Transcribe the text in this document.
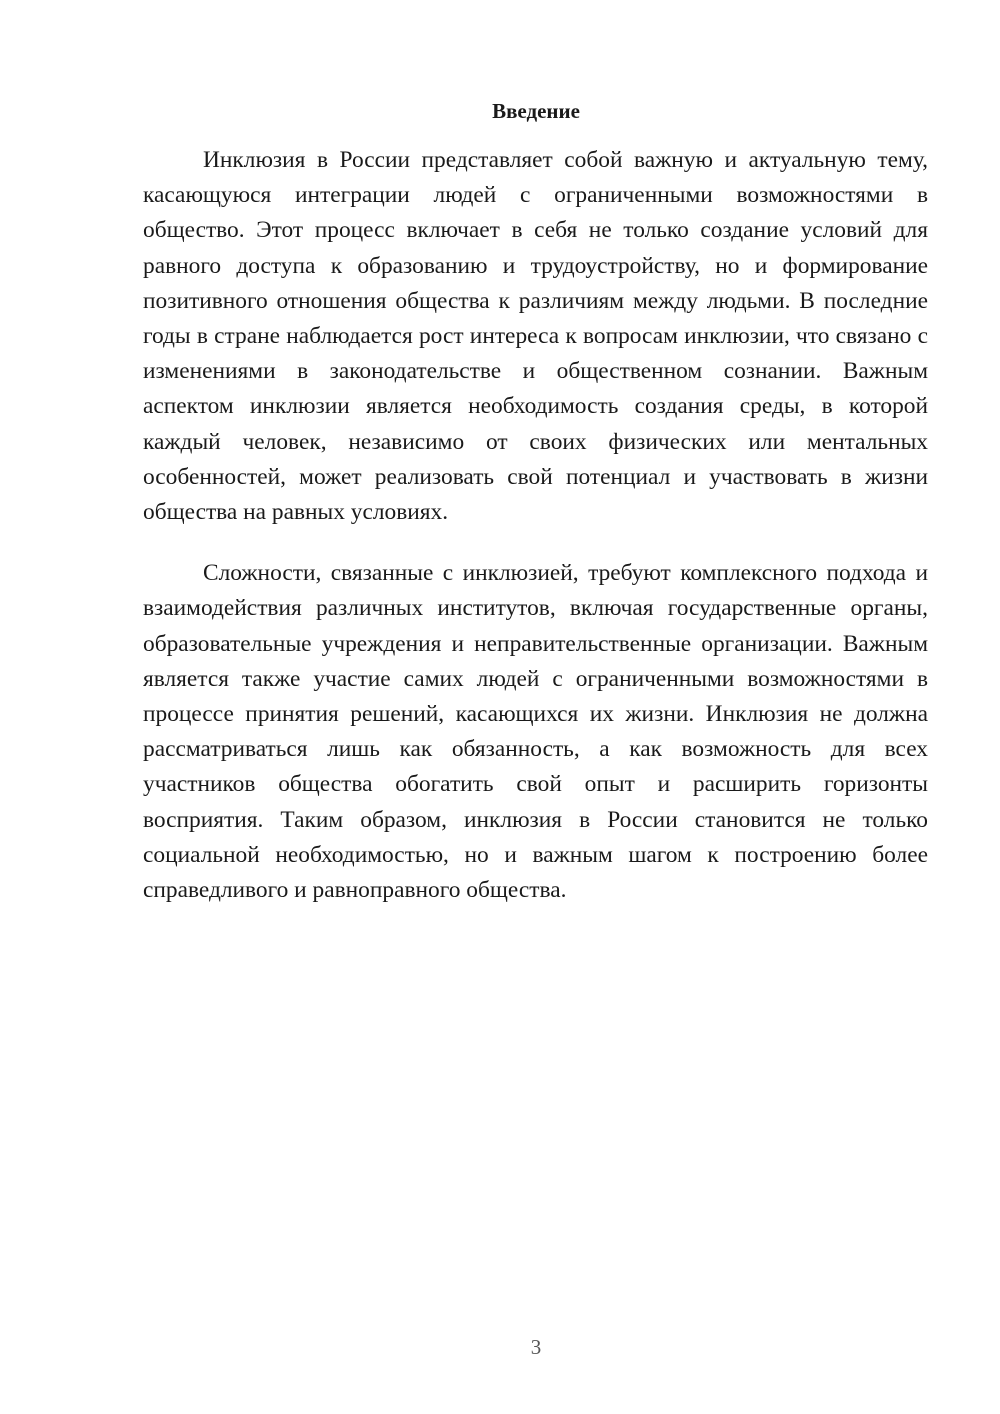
Введение

Инклюзия в России представляет собой важную и актуальную тему, касающуюся интеграции людей с ограниченными возможностями в общество. Этот процесс включает в себя не только создание условий для равного доступа к образованию и трудоустройству, но и формирование позитивного отношения общества к различиям между людьми. В последние годы в стране наблюдается рост интереса к вопросам инклюзии, что связано с изменениями в законодательстве и общественном сознании. Важным аспектом инклюзии является необходимость создания среды, в которой каждый человек, независимо от своих физических или ментальных особенностей, может реализовать свой потенциал и участвовать в жизни общества на равных условиях.

Сложности, связанные с инклюзией, требуют комплексного подхода и взаимодействия различных институтов, включая государственные органы, образовательные учреждения и неправительственные организации. Важным является также участие самих людей с ограниченными возможностями в процессе принятия решений, касающихся их жизни. Инклюзия не должна рассматриваться лишь как обязанность, а как возможность для всех участников общества обогатить свой опыт и расширить горизонты восприятия. Таким образом, инклюзия в России становится не только социальной необходимостью, но и важным шагом к построению более справедливого и равноправного общества.

3
